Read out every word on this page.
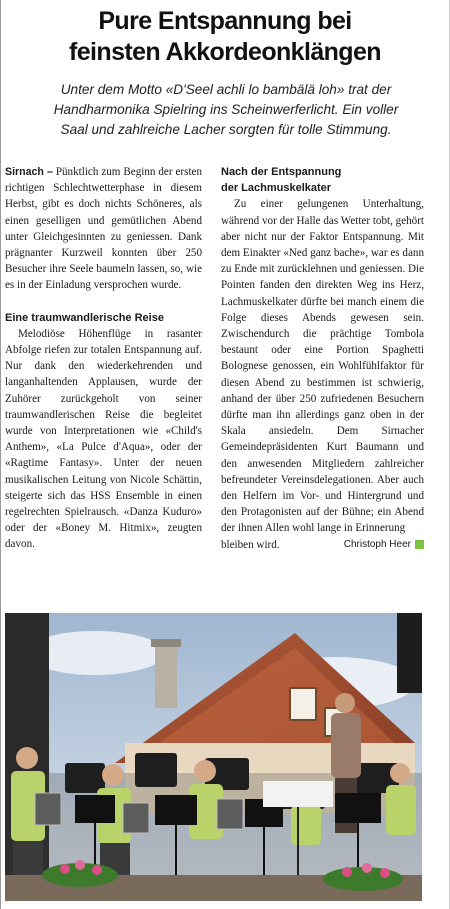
Pure Entspannung bei
feinsten Akkordeonklängen
Unter dem Motto «D'Seel achli lo bambälä loh» trat der
Handharmonika Spielring ins Scheinwerferlicht. Ein voller
Saal und zahlreiche Lacher sorgten für tolle Stimmung.

Sirnach – Pünktlich zum Beginn der ersten richtigen Schlechtwetterphase in diesem Herbst, gibt es doch nichts Schöneres, als einen geselligen und gemütlichen Abend unter Gleichgesinnten zu geniessen. Dank prägnanter Kurzweil konnten über 250 Besucher ihre Seele baumeln lassen, so, wie es in der Einladung versprochen wurde.

Eine traumwandlerische Reise

Melodiöse Höhenflüge in rasanter Abfolge riefen zur totalen Entspannung auf. Nur dank den wiederkehrenden und langanhaltenden Applausen, wurde der Zuhörer zurückgeholt von seiner traumwandlerischen Reise die begleitet wurde von Interpretationen wie «Child's Anthem», «La Pulce d'Aqua», oder der «Ragtime Fantasy». Unter der neuen musikalischen Leitung von Nicole Schättin, steigerte sich das HSS Ensemble in einen regelrechten Spielrausch. «Danza Kuduro» oder der «Boney M. Hitmix», zeugten davon.

Nach der Entspannung
der Lachmuskelkater

Zu einer gelungenen Unterhaltung, während vor der Halle das Wetter tobt, gehört aber nicht nur der Faktor Entspannung. Mit dem Einakter «Ned ganz bache», war es dann zu Ende mit zurücklehnen und geniessen. Die Pointen fanden den direkten Weg ins Herz, Lachmuskelkater dürfte bei manch einem die Folge dieses Abends gewesen sein. Zwischendurch die prächtige Tombola bestaunt oder eine Portion Spaghetti Bolognese genossen, ein Wohlfühlfaktor für diesen Abend zu bestimmen ist schwierig, anhand der über 250 zufriedenen Besuchern dürfte man ihn allerdings ganz oben in der Skala ansiedeln. Dem Sirnacher Gemeindepräsidenten Kurt Baumann und den anwesenden Mitgliedern zahlreicher befreundeter Vereinsdelegationen. Aber auch den Helfern im Vor- und Hintergrund und den Protagonisten auf der Bühne; ein Abend der ihnen Allen wohl lange in Erinnerung

bleiben wird.	Christoph Heer
